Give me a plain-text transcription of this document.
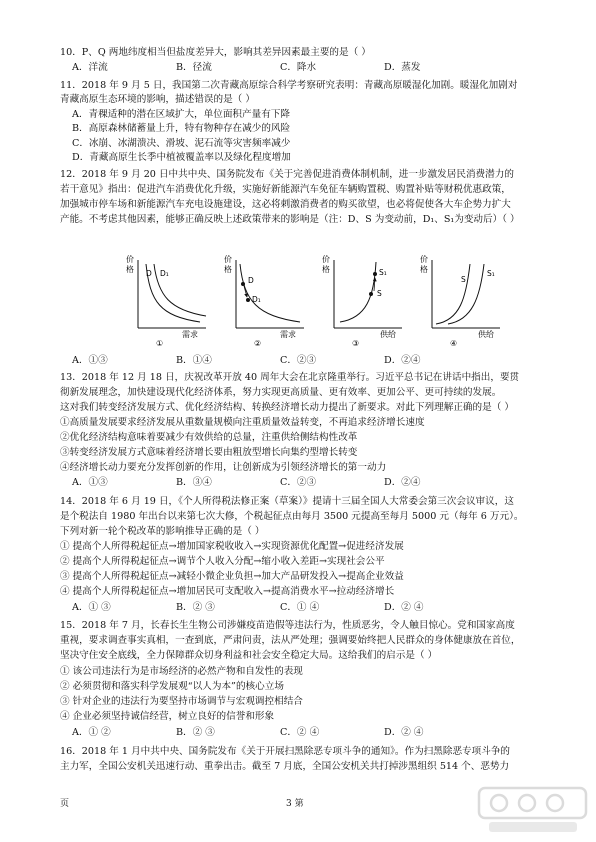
10．P、Q 两地纬度相当但盐度差异大，影响其差异因素最主要的是（ ）
A．洋流	B．径流	C．降水	D．蒸发
11．2018 年 9 月 5 日，我国第二次青藏高原综合科学考察研究表明：青藏高原暖湿化加剧。暖湿化加剧对
青藏高原生态环境的影响，描述错误的是（ ）
A．青稞适种的潜在区域扩大，单位面积产量有下降
B．高原森林储蓄量上升，特有物种存在减少的风险
C．冰崩、冰湖溃决、滑坡、泥石流等灾害频率减少
D．青藏高原生长季中植被覆盖率以及绿化程度增加
12．2018 年 9 月 20 日中共中央、国务院发布《关于完善促进消费体制机制，进一步激发居民消费潜力的
若干意见》指出：促进汽车消费优化升级，实施好新能源汽车免征车辆购置税、购置补贴等财税优惠政策，
加强城市停车场和新能源汽车充电设施建设，这必将刺激消费者的购买欲望，也必将促使各大车企势力扩大
产能。不考虑其他因素，能够正确反映上述政策带来的影响是（注：D、S 为变动前，D₁、S₁为变动后）（ ）
价
格 D D₁
需求
①
价
格
D
D₁
需求
②
价
格	S₁
S
供给
③
价
格
S
S₁
供给
④
A．①③	B．①④	C．②③	D．②④
13．2018 年 12 月 18 日，庆祝改革开放 40 周年大会在北京隆重举行。习近平总书记在讲话中指出，要贯
彻新发展理念，加快建设现代化经济体系，努力实现更高质量、更有效率、更加公平、更可持续的发展。
这对我们转变经济发展方式、优化经济结构、转换经济增长动力提出了新要求。对此下列理解正确的是（ ）
①高质量发展要求经济发展从重数量规模向注重质量效益转变，不再追求经济增长速度
②优化经济结构意味着要减少有效供给的总量，注重供给侧结构性改革
③转变经济发展方式意味着经济增长要由粗放型增长向集约型增长转变
④经济增长动力要充分发挥创新的作用，让创新成为引领经济增长的第一动力
A．①③	B．③④	C．②③	D．②④
14．2018 年 6 月 19 日，《个人所得税法修正案（草案）》提请十三届全国人大常委会第三次会议审议，这
是个税法自 1980 年出台以来第七次大修，个税起征点由每月 3500 元提高至每月 5000 元（每年 6 万元）。
下列对新一轮个税改革的影响推导正确的是（ ）
① 提高个人所得税起征点→增加国家税收收入→实现资源优化配置→促进经济发展
② 提高个人所得税起征点→调节个人收入分配→缩小收入差距→实现社会公平
③ 提高个人所得税起征点→减轻小微企业负担→加大产品研发投入→提高企业效益
④ 提高个人所得税起征点→增加居民可支配收入→提高消费水平→拉动经济增长
A．① ③	B．② ③	C．① ④	D．② ④
15．2018 年 7 月，长春长生生物公司涉嫌疫苗造假等违法行为，性质恶劣，令人触目惊心。党和国家高度
重视，要求调查事实真相，一查到底，严肃问责，法从严处理；强调要始终把人民群众的身体健康放在首位，
坚决守住安全底线，全力保障群众切身利益和社会安全稳定大局。这给我们的启示是（ ）
① 该公司违法行为是市场经济的必然产物和自发性的表现
② 必须贯彻和落实科学发展观“以人为本”的核心立场
③ 针对企业的违法行为要坚持市场调节与宏观调控相结合
④ 企业必须坚持诚信经营，树立良好的信誉和形象
A．① ②	B．② ③	C．② ④	D．② ④
16．2018 年 1 月中共中央、国务院发布《关于开展扫黑除恶专项斗争的通知》。作为扫黑除恶专项斗争的
主力军，全国公安机关迅速行动、重拳出击。截至 7 月底，全国公安机关共打掉涉黑组织 514 个、恶势力
页	3 第
